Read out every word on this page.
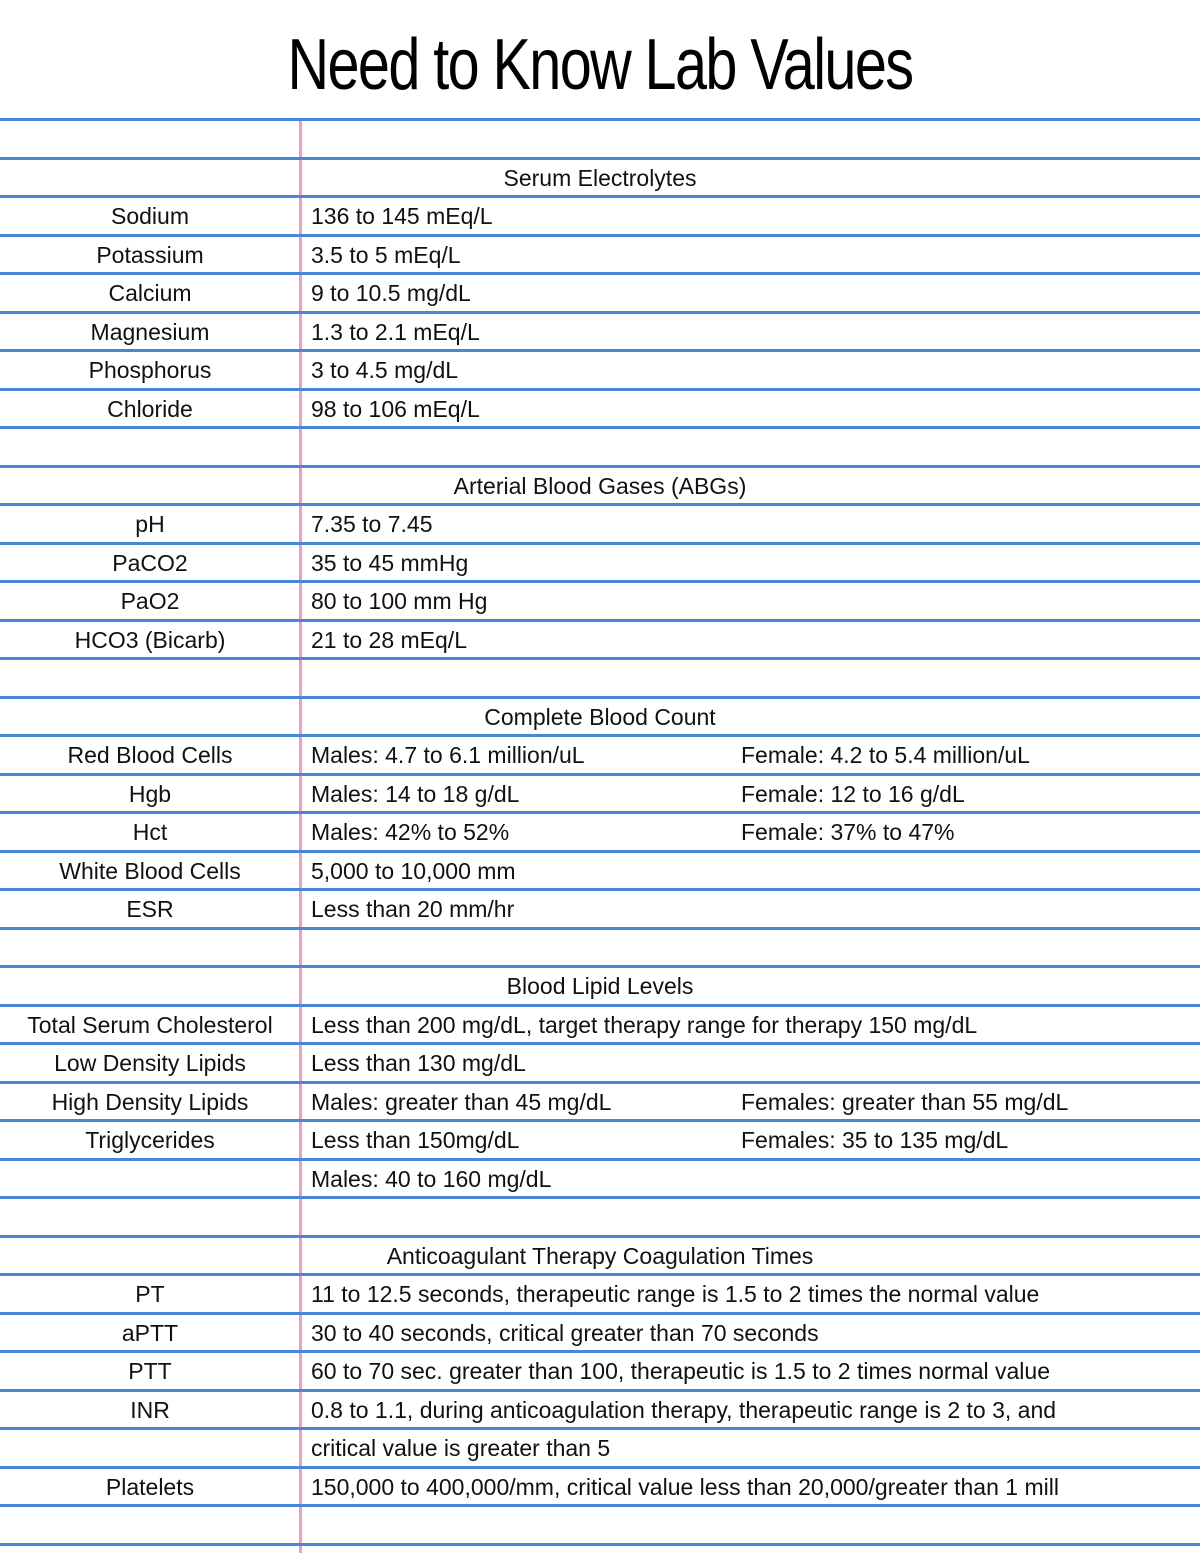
Need to Know Lab Values
Serum Electrolytes
Sodium	136 to 145 mEq/L
Potassium	3.5 to 5 mEq/L
Calcium	9 to 10.5 mg/dL
Magnesium	1.3 to 2.1 mEq/L
Phosphorus	3 to 4.5 mg/dL
Chloride	98 to 106 mEq/L
Arterial Blood Gases (ABGs)
pH	7.35 to 7.45
PaCO2	35 to 45 mmHg
PaO2	80 to 100 mm Hg
HCO3 (Bicarb)	21 to 28 mEq/L
Complete Blood Count
Red Blood Cells	Males: 4.7 to 6.1 million/uL	Female: 4.2 to 5.4 million/uL
Hgb	Males: 14 to 18 g/dL	Female: 12 to 16 g/dL
Hct	Males: 42% to 52%	Female: 37% to 47%
White Blood Cells	5,000 to 10,000 mm
ESR	Less than 20 mm/hr
Blood Lipid Levels
Total Serum Cholesterol	Less than 200 mg/dL, target therapy range for therapy 150 mg/dL
Low Density Lipids	Less than 130 mg/dL
High Density Lipids	Males: greater than 45 mg/dL	Females: greater than 55 mg/dL
Triglycerides	Less than 150mg/dL	Females: 35 to 135 mg/dL
Males: 40 to 160 mg/dL
Anticoagulant Therapy Coagulation Times
PT	11 to 12.5 seconds, therapeutic range is 1.5 to 2 times the normal value
aPTT	30 to 40 seconds, critical greater than 70 seconds
PTT	60 to 70 sec. greater than 100, therapeutic is 1.5 to 2 times normal value
INR	0.8 to 1.1, during anticoagulation therapy, therapeutic range is 2 to 3, and
critical value is greater than 5
Platelets	150,000 to 400,000/mm, critical value less than 20,000/greater than 1 mill
